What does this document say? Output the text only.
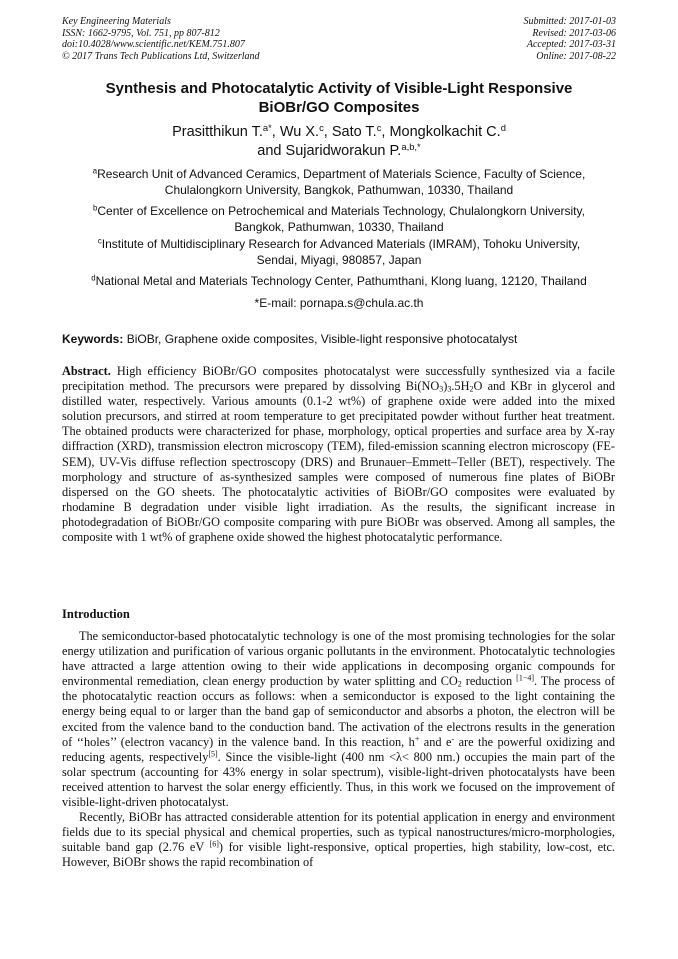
Key Engineering Materials
ISSN: 1662-9795, Vol. 751, pp 807-812
doi:10.4028/www.scientific.net/KEM.751.807
© 2017 Trans Tech Publications Ltd, Switzerland
Submitted: 2017-01-03
Revised: 2017-03-06
Accepted: 2017-03-31
Online: 2017-08-22
Synthesis and Photocatalytic Activity of Visible-Light Responsive
BiOBr/GO Composites
Prasitthikun T.$^{a*}$, Wu X.$^c$, Sato T.$^c$, Mongkolkachit C.$^d$
and Sujaridworakun P.$^{a,b,*}$
$^a$Research Unit of Advanced Ceramics, Department of Materials Science, Faculty of Science,
Chulalongkorn University, Bangkok, Pathumwan, 10330, Thailand
$^b$Center of Excellence on Petrochemical and Materials Technology, Chulalongkorn University,
Bangkok, Pathumwan, 10330, Thailand
$^c$Institute of Multidisciplinary Research for Advanced Materials (IMRAM), Tohoku University,
Sendai, Miyagi, 980857, Japan
$^d$National Metal and Materials Technology Center, Pathumthani, Klong luang, 12120, Thailand
*E-mail: pornapa.s@chula.ac.th
Keywords: BiOBr, Graphene oxide composites, Visible-light responsive photocatalyst
Abstract. High efficiency BiOBr/GO composites photocatalyst were successfully synthesized via a facile precipitation method. The precursors were prepared by dissolving $Bi(NO_3)_3.5H_2O$ and KBr in glycerol and distilled water, respectively. Various amounts (0.1-2 wt%) of graphene oxide were added into the mixed solution precursors, and stirred at room temperature to get precipitated powder without further heat treatment. The obtained products were characterized for phase, morphology, optical properties and surface area by X-ray diffraction (XRD), transmission electron microscopy (TEM), filed-emission scanning electron microscopy (FE-SEM), UV-Vis diffuse reflection spectroscopy (DRS) and Brunauer–Emmett–Teller (BET), respectively. The morphology and structure of as-synthesized samples were composed of numerous fine plates of BiOBr dispersed on the GO sheets. The photocatalytic activities of BiOBr/GO composites were evaluated by rhodamine B degradation under visible light irradiation. As the results, the significant increase in photodegradation of BiOBr/GO composite comparing with pure BiOBr was observed. Among all samples, the composite with 1 wt% of graphene oxide showed the highest photocatalytic performance.
Introduction

The semiconductor-based photocatalytic technology is one of the most promising technologies for the solar energy utilization and purification of various organic pollutants in the environment. Photocatalytic technologies have attracted a large attention owing to their wide applications in decomposing organic compounds for environmental remediation, clean energy production by water splitting and $CO_2$ reduction [1−4]. The process of the photocatalytic reaction occurs as follows: when a semiconductor is exposed to the light containing the energy being equal to or larger than the band gap of semiconductor and absorbs a photon, the electron will be excited from the valence band to the conduction band. The activation of the electrons results in the generation of ‘‘holes’’ (electron vacancy) in the valence band. In this reaction, h+ and e- are the powerful oxidizing and reducing agents, respectively[5]. Since the visible-light (400 nm <λ< 800 nm.) occupies the main part of the solar spectrum (accounting for 43% energy in solar spectrum), visible-light-driven photocatalysts have been received attention to harvest the solar energy efficiently. Thus, in this work we focused on the improvement of visible-light-driven photocatalyst.

Recently, BiOBr has attracted considerable attention for its potential application in energy and environment fields due to its special physical and chemical properties, such as typical nanostructures/micro-morphologies, suitable band gap (2.76 eV [6]) for visible light-responsive, optical properties, high stability, low-cost, etc. However, BiOBr shows the rapid recombination of
